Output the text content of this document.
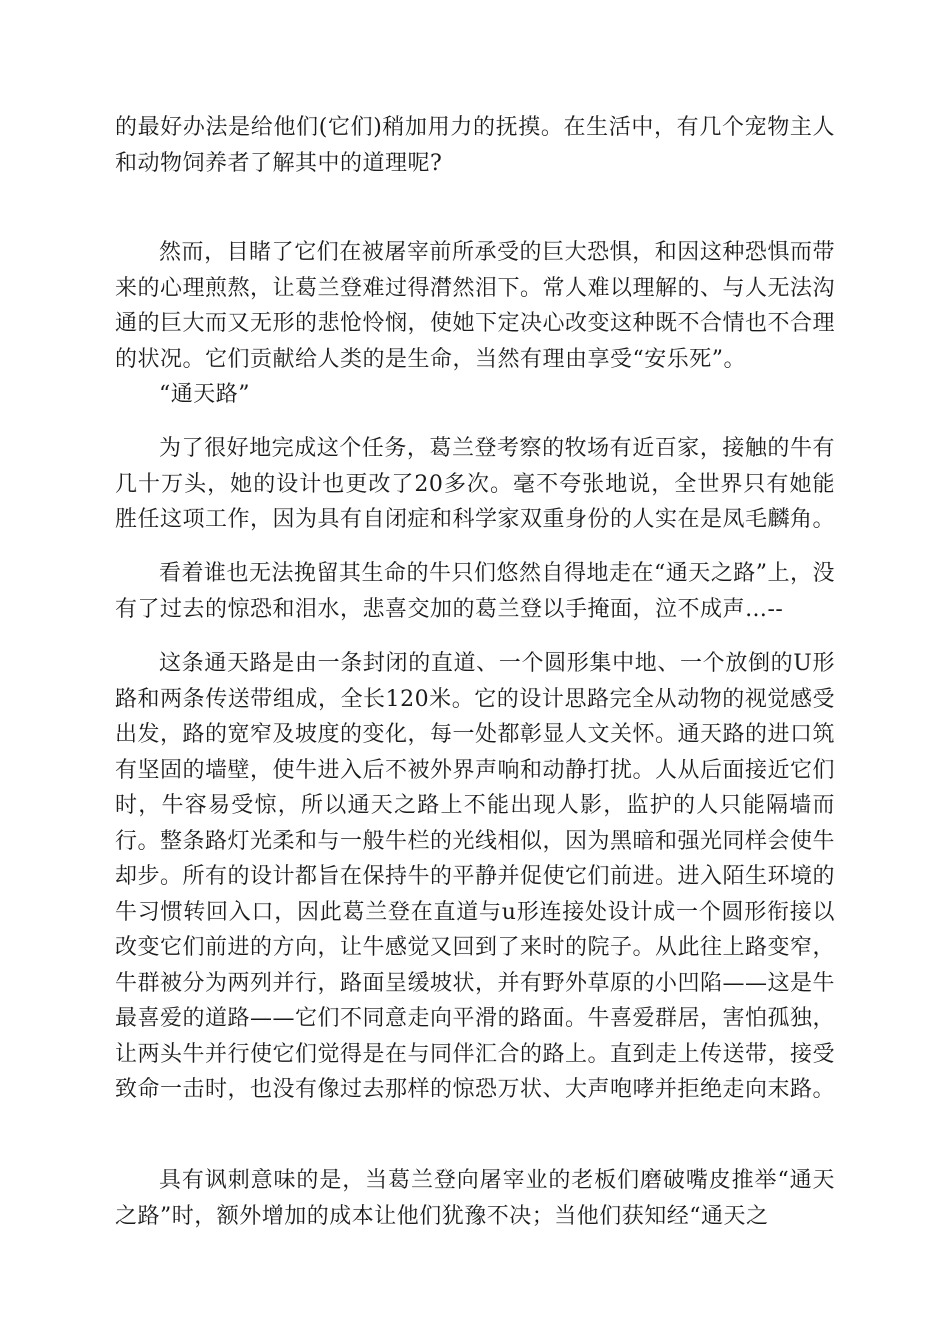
的最好办法是给他们(它们)稍加用力的抚摸。在生活中，有几个宠物主人和动物饲养者了解其中的道理呢?

然而，目睹了它们在被屠宰前所承受的巨大恐惧，和因这种恐惧而带来的心理煎熬，让葛兰登难过得潸然泪下。常人难以理解的、与人无法沟通的巨大而又无形的悲怆怜悯，使她下定决心改变这种既不合情也不合理的状况。它们贡献给人类的是生命，当然有理由享受“安乐死”。

“通天路”

为了很好地完成这个任务，葛兰登考察的牧场有近百家，接触的牛有几十万头，她的设计也更改了20多次。毫不夸张地说，全世界只有她能胜任这项工作，因为具有自闭症和科学家双重身份的人实在是凤毛麟角。

看着谁也无法挽留其生命的牛只们悠然自得地走在“通天之路”上，没有了过去的惊恐和泪水，悲喜交加的葛兰登以手掩面，泣不成声…--

这条通天路是由一条封闭的直道、一个圆形集中地、一个放倒的U形路和两条传送带组成，全长120米。它的设计思路完全从动物的视觉感受出发，路的宽窄及坡度的变化，每一处都彰显人文关怀。通天路的进口筑有坚固的墙壁，使牛进入后不被外界声响和动静打扰。人从后面接近它们时，牛容易受惊，所以通天之路上不能出现人影，监护的人只能隔墙而行。整条路灯光柔和与一般牛栏的光线相似，因为黑暗和强光同样会使牛却步。所有的设计都旨在保持牛的平静并促使它们前进。进入陌生环境的牛习惯转回入口，因此葛兰登在直道与u形连接处设计成一个圆形衔接以改变它们前进的方向，让牛感觉又回到了来时的院子。从此往上路变窄，牛群被分为两列并行，路面呈缓坡状，并有野外草原的小凹陷——这是牛最喜爱的道路——它们不同意走向平滑的路面。牛喜爱群居，害怕孤独，让两头牛并行使它们觉得是在与同伴汇合的路上。直到走上传送带，接受致命一击时，也没有像过去那样的惊恐万状、大声咆哮并拒绝走向末路。

具有讽刺意味的是，当葛兰登向屠宰业的老板们磨破嘴皮推举“通天之路”时，额外增加的成本让他们犹豫不决；当他们获知经“通天之
